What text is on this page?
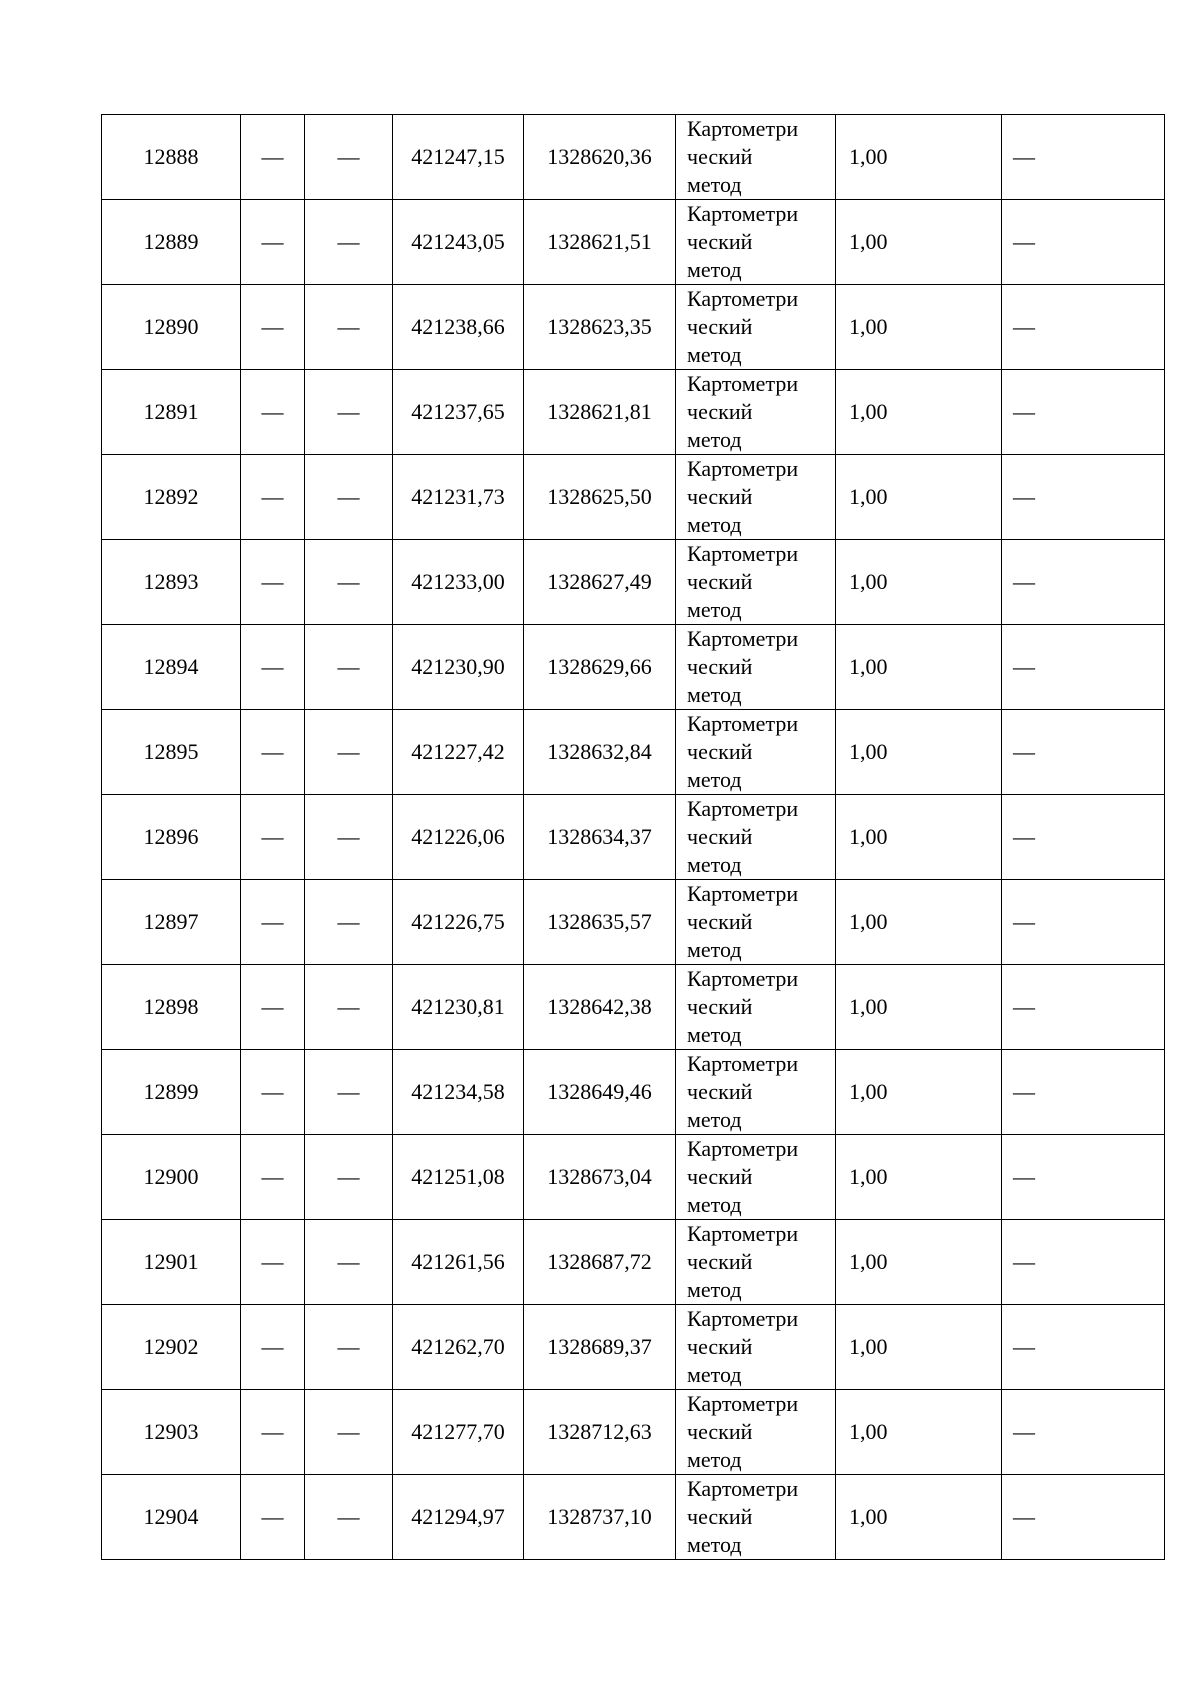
12888	—	—	421247,15	1328620,36	Картометри
ческий
метод	1,00	—
12889	—	—	421243,05	1328621,51	Картометри
ческий
метод	1,00	—
12890	—	—	421238,66	1328623,35	Картометри
ческий
метод	1,00	—
12891	—	—	421237,65	1328621,81	Картометри
ческий
метод	1,00	—
12892	—	—	421231,73	1328625,50	Картометри
ческий
метод	1,00	—
12893	—	—	421233,00	1328627,49	Картометри
ческий
метод	1,00	—
12894	—	—	421230,90	1328629,66	Картометри
ческий
метод	1,00	—
12895	—	—	421227,42	1328632,84	Картометри
ческий
метод	1,00	—
12896	—	—	421226,06	1328634,37	Картометри
ческий
метод	1,00	—
12897	—	—	421226,75	1328635,57	Картометри
ческий
метод	1,00	—
12898	—	—	421230,81	1328642,38	Картометри
ческий
метод	1,00	—
12899	—	—	421234,58	1328649,46	Картометри
ческий
метод	1,00	—
12900	—	—	421251,08	1328673,04	Картометри
ческий
метод	1,00	—
12901	—	—	421261,56	1328687,72	Картометри
ческий
метод	1,00	—
12902	—	—	421262,70	1328689,37	Картометри
ческий
метод	1,00	—
12903	—	—	421277,70	1328712,63	Картометри
ческий
метод	1,00	—
12904	—	—	421294,97	1328737,10	Картометри
ческий
метод	1,00	—
